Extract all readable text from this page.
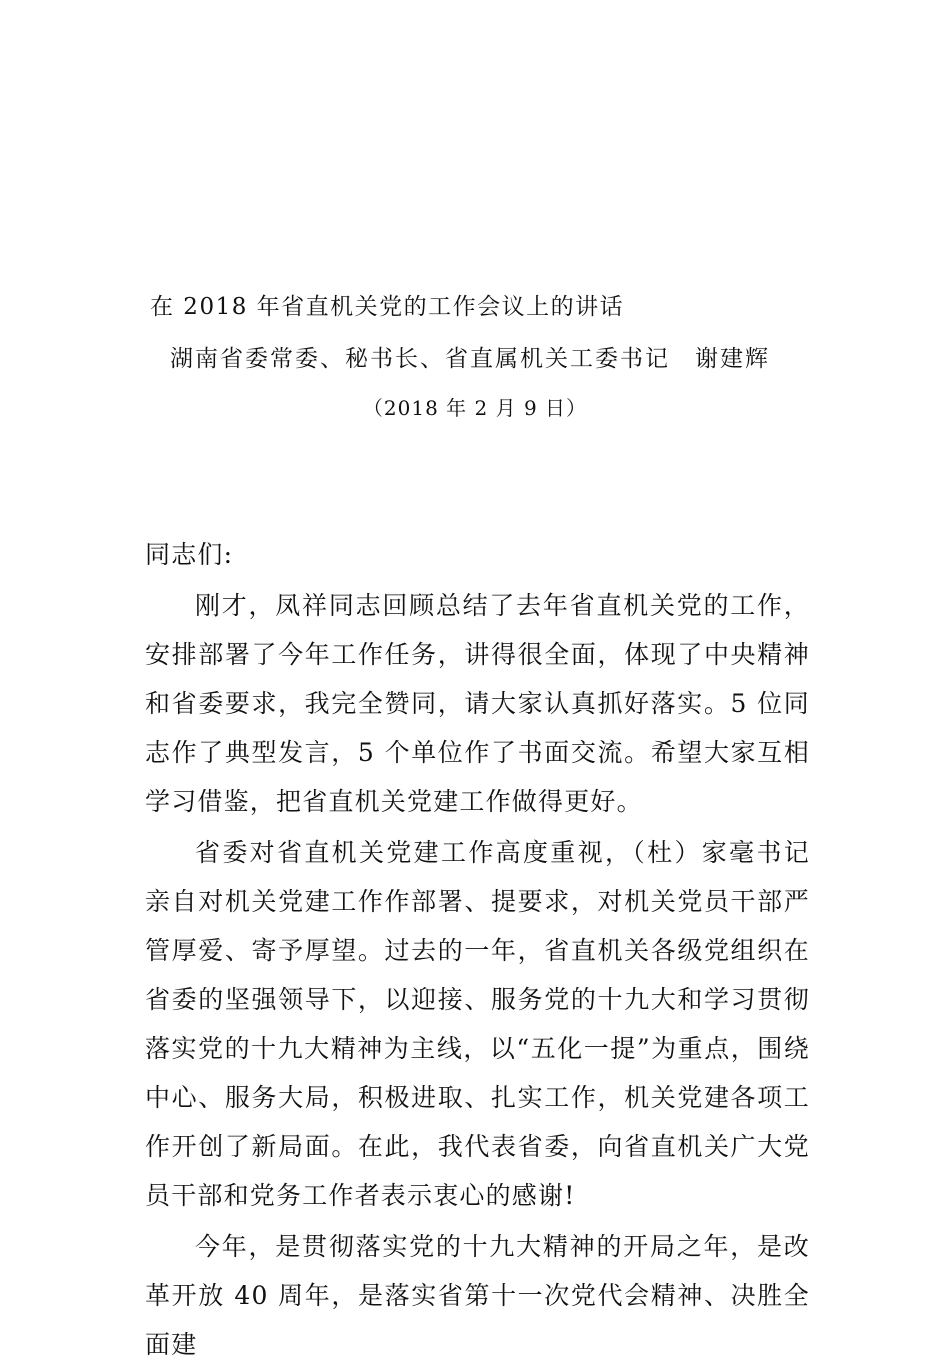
在 2018 年省直机关党的工作会议上的讲话
湖南省委常委、秘书长、省直属机关工委书记　谢建辉
（2018 年 2 月 9 日）

同志们:

刚才，凤祥同志回顾总结了去年省直机关党的工作，安排部署了今年工作任务，讲得很全面，体现了中央精神和省委要求，我完全赞同，请大家认真抓好落实。5 位同志作了典型发言，5 个单位作了书面交流。希望大家互相学习借鉴，把省直机关党建工作做得更好。

省委对省直机关党建工作高度重视，（杜）家毫书记亲自对机关党建工作作部署、提要求，对机关党员干部严管厚爱、寄予厚望。过去的一年，省直机关各级党组织在省委的坚强领导下，以迎接、服务党的十九大和学习贯彻落实党的十九大精神为主线，以“五化一提”为重点，围绕中心、服务大局，积极进取、扎实工作，机关党建各项工作开创了新局面。在此，我代表省委，向省直机关广大党员干部和党务工作者表示衷心的感谢!

今年，是贯彻落实党的十九大精神的开局之年，是改革开放 40 周年，是落实省第十一次党代会精神、决胜全面建
